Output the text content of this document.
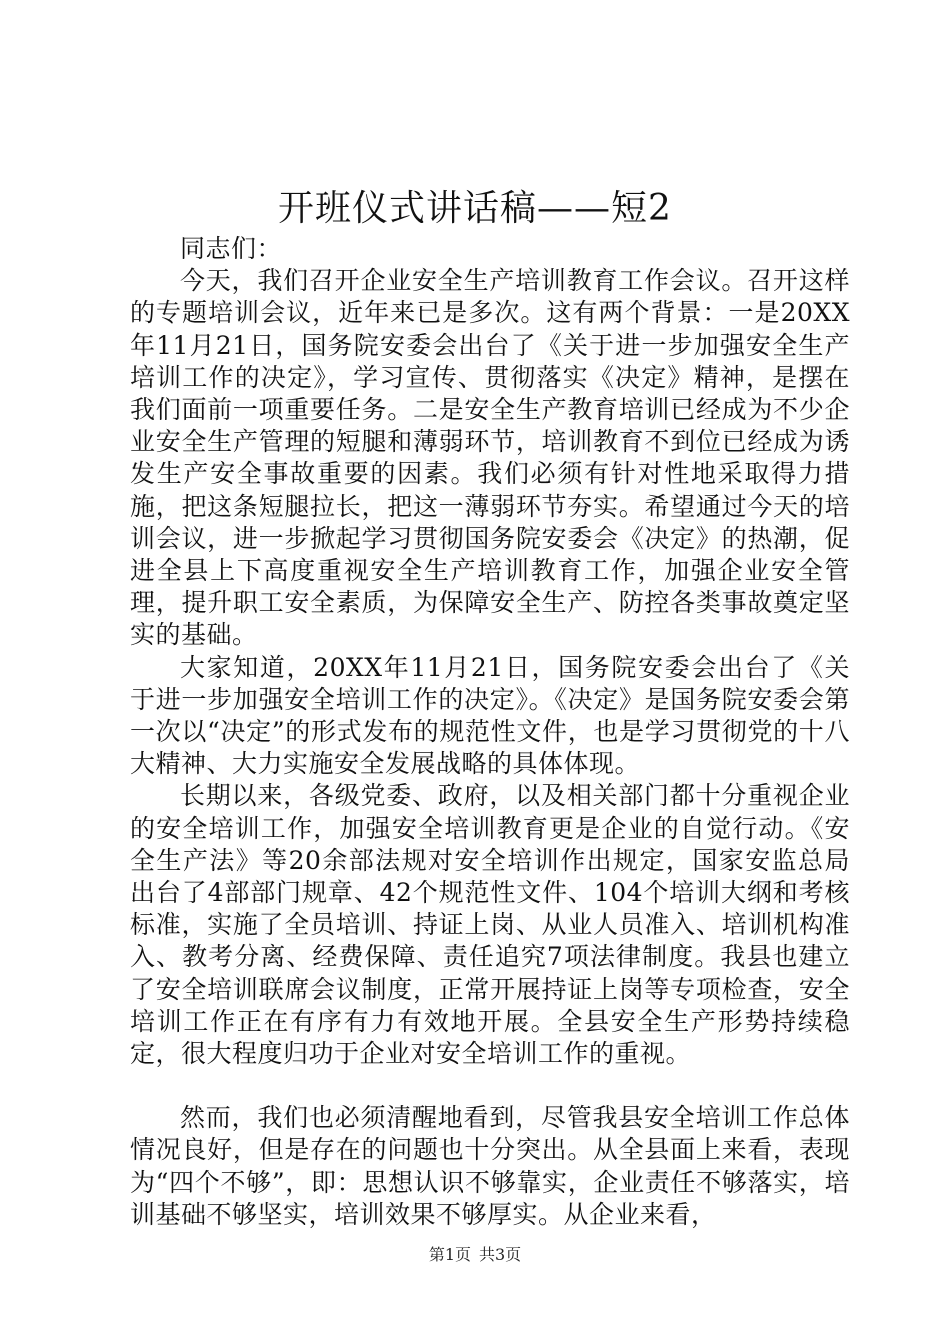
开班仪式讲话稿——短2

同志们：

今天，我们召开企业安全生产培训教育工作会议。召开这样的专题培训会议，近年来已是多次。这有两个背景：一是20XX年11月21日，国务院安委会出台了《关于进一步加强安全生产培训工作的决定》，学习宣传、贯彻落实《决定》精神，是摆在我们面前一项重要任务。二是安全生产教育培训已经成为不少企业安全生产管理的短腿和薄弱环节，培训教育不到位已经成为诱发生产安全事故重要的因素。我们必须有针对性地采取得力措施，把这条短腿拉长，把这一薄弱环节夯实。希望通过今天的培训会议，进一步掀起学习贯彻国务院安委会《决定》的热潮，促进全县上下高度重视安全生产培训教育工作，加强企业安全管理，提升职工安全素质，为保障安全生产、防控各类事故奠定坚实的基础。

大家知道，20XX年11月21日，国务院安委会出台了《关于进一步加强安全培训工作的决定》。《决定》是国务院安委会第一次以“决定”的形式发布的规范性文件，也是学习贯彻党的十八大精神、大力实施安全发展战略的具体体现。

长期以来，各级党委、政府，以及相关部门都十分重视企业的安全培训工作，加强安全培训教育更是企业的自觉行动。《安全生产法》等20余部法规对安全培训作出规定，国家安监总局出台了4部部门规章、42个规范性文件、104个培训大纲和考核标准，实施了全员培训、持证上岗、从业人员准入、培训机构准入、教考分离、经费保障、责任追究7项法律制度。我县也建立了安全培训联席会议制度，正常开展持证上岗等专项检查，安全培训工作正在有序有力有效地开展。全县安全生产形势持续稳定，很大程度归功于企业对安全培训工作的重视。

然而，我们也必须清醒地看到，尽管我县安全培训工作总体情况良好，但是存在的问题也十分突出。从全县面上来看，表现为“四个不够”，即：思想认识不够靠实，企业责任不够落实，培训基础不够坚实，培训效果不够厚实。从企业来看，

第1页 共3页
